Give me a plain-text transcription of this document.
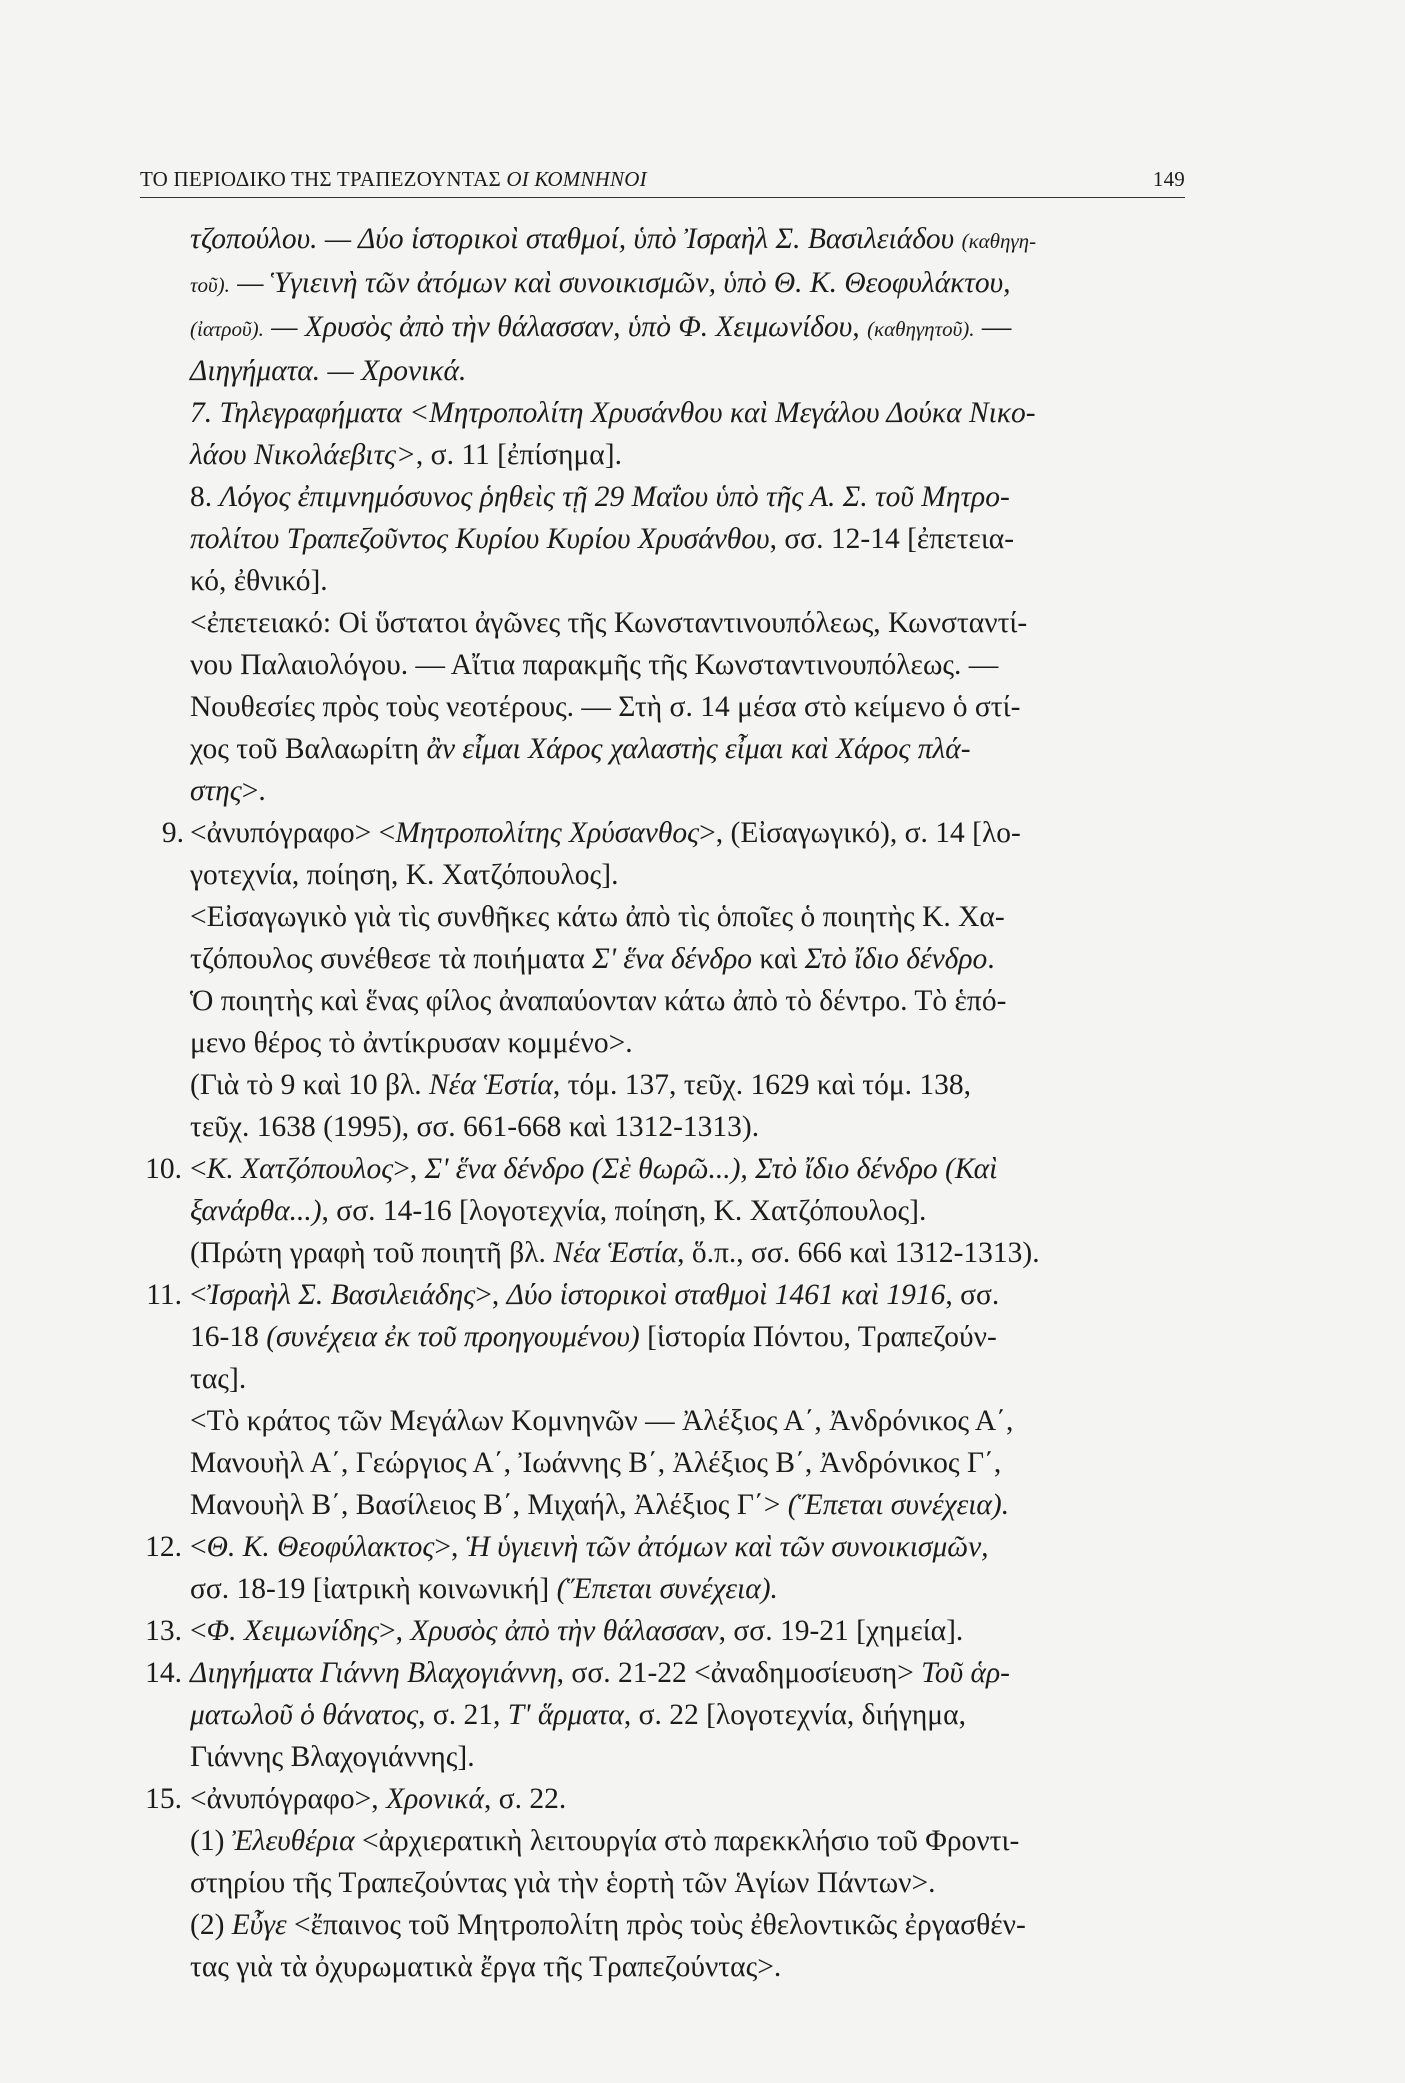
ΤΟ ΠΕΡΙΟΔΙΚΟ ΤΗΣ ΤΡΑΠΕΖΟΥΝΤΑΣ ΟΙ ΚΟΜΝΗΝΟΙ	149

τζοπούλου. — Δύο ἱστορικοὶ σταθμοί, ὑπὸ Ἰσραὴλ Σ. Βασιλειάδου (καθηγη-

τοῦ). — Ὑγιεινὴ τῶν ἀτόμων καὶ συνοικισμῶν, ὑπὸ Θ. Κ. Θεοφυλάκτου,

(ἰατροῦ). — Χρυσὸς ἀπὸ τὴν θάλασσαν, ὑπὸ Φ. Χειμωνίδου, (καθηγητοῦ). —

Διηγήματα. — Χρονικά.

7. Τηλεγραφήματα <Μητροπολίτη Χρυσάνθου καὶ Μεγάλου Δούκα Νικο-

λάου Νικολάεβιτς>, σ. 11 [ἐπίσημα].

8. Λόγος ἐπιμνημόσυνος ῥηθεὶς τῇ 29 Μαΐου ὑπὸ τῆς Α. Σ. τοῦ Μητρο-

πολίτου Τραπεζοῦντος Κυρίου Κυρίου Χρυσάνθου, σσ. 12-14 [ἐπετεια-

κό, ἐθνικό].

<ἐπετειακό: Οἱ ὕστατοι ἀγῶνες τῆς Κωνσταντινουπόλεως, Κωνσταντί-

νου Παλαιολόγου. — Αἴτια παρακμῆς τῆς Κωνσταντινουπόλεως. —

Νουθεσίες πρὸς τοὺς νεοτέρους. — Στὴ σ. 14 μέσα στὸ κείμενο ὁ στί-

χος τοῦ Βαλαωρίτη ἂν εἶμαι Χάρος χαλαστὴς εἶμαι καὶ Χάρος πλά-

στης>.

9. <ἀνυπόγραφο> <Μητροπολίτης Χρύσανθος>, (Εἰσαγωγικό), σ. 14 [λο-

γοτεχνία, ποίηση, Κ. Χατζόπουλος].

<Εἰσαγωγικὸ γιὰ τὶς συνθῆκες κάτω ἀπὸ τὶς ὁποῖες ὁ ποιητὴς Κ. Χα-

τζόπουλος συνέθεσε τὰ ποιήματα Σ' ἕνα δένδρο καὶ Στὸ ἴδιο δένδρο.

Ὁ ποιητὴς καὶ ἕνας φίλος ἀναπαύονταν κάτω ἀπὸ τὸ δέντρο. Τὸ ἑπό-

μενο θέρος τὸ ἀντίκρυσαν κομμένο>.

(Γιὰ τὸ 9 καὶ 10 βλ. Νέα Ἑστία, τόμ. 137, τεῦχ. 1629 καὶ τόμ. 138,

τεῦχ. 1638 (1995), σσ. 661-668 καὶ 1312-1313).

10. <Κ. Χατζόπουλος>, Σ' ἕνα δένδρο (Σὲ θωρῶ...), Στὸ ἴδιο δένδρο (Καὶ

ξανάρθα...), σσ. 14-16 [λογοτεχνία, ποίηση, Κ. Χατζόπουλος].

(Πρώτη γραφὴ τοῦ ποιητῆ βλ. Νέα Ἑστία, ὅ.π., σσ. 666 καὶ 1312-1313).

11. <Ἰσραὴλ Σ. Βασιλειάδης>, Δύο ἱστορικοὶ σταθμοὶ 1461 καὶ 1916, σσ.

16-18 (συνέχεια ἐκ τοῦ προηγουμένου) [ἱστορία Πόντου, Τραπεζούν-

τας].

<Τὸ κράτος τῶν Μεγάλων Κομνηνῶν — Ἀλέξιος Α΄, Ἀνδρόνικος Α΄,

Μανουὴλ Α΄, Γεώργιος Α΄, Ἰωάννης Β΄, Ἀλέξιος Β΄, Ἀνδρόνικος Γ΄,

Μανουὴλ Β΄, Βασίλειος Β΄, Μιχαήλ, Ἀλέξιος Γ΄> (Ἕπεται συνέχεια).

12. <Θ. Κ. Θεοφύλακτος>, Ἡ ὑγιεινὴ τῶν ἀτόμων καὶ τῶν συνοικισμῶν,

σσ. 18-19 [ἰατρικὴ κοινωνική] (Ἕπεται συνέχεια).

13. <Φ. Χειμωνίδης>, Χρυσὸς ἀπὸ τὴν θάλασσαν, σσ. 19-21 [χημεία].

14. Διηγήματα Γιάννη Βλαχογιάννη, σσ. 21-22 <ἀναδημοσίευση> Τοῦ ἁρ-

ματωλοῦ ὁ θάνατος, σ. 21, Τ' ἅρματα, σ. 22 [λογοτεχνία, διήγημα,

Γιάννης Βλαχογιάννης].

15. <ἀνυπόγραφο>, Χρονικά, σ. 22.

(1) Ἐλευθέρια <ἀρχιερατικὴ λειτουργία στὸ παρεκκλήσιο τοῦ Φροντι-

στηρίου τῆς Τραπεζούντας γιὰ τὴν ἑορτὴ τῶν Ἁγίων Πάντων>.

(2) Εὖγε <ἔπαινος τοῦ Μητροπολίτη πρὸς τοὺς ἐθελοντικῶς ἐργασθέν-

τας γιὰ τὰ ὀχυρωματικὰ ἔργα τῆς Τραπεζούντας>.
